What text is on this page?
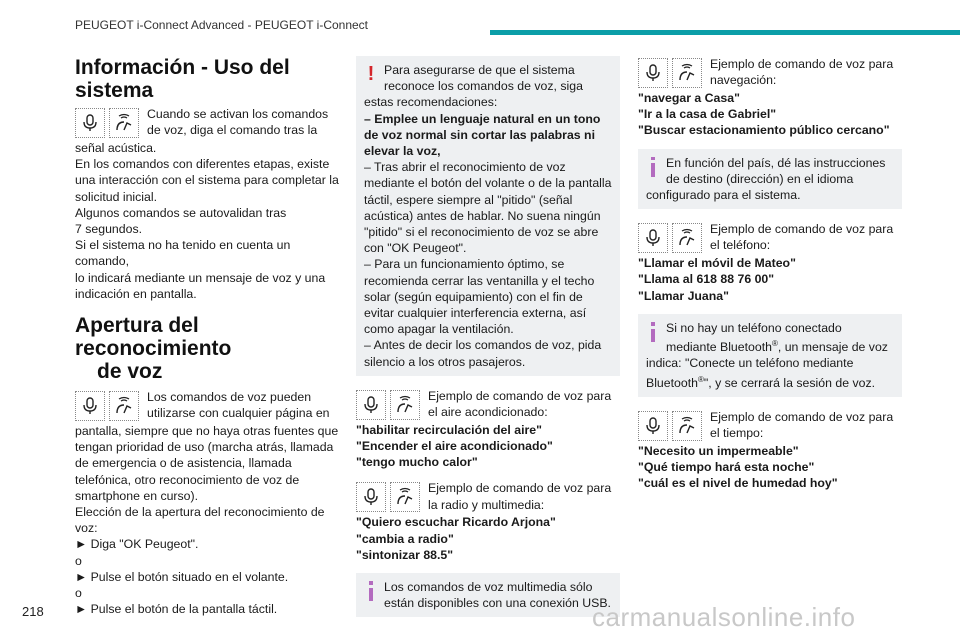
PEUGEOT i-Connect Advanced - PEUGEOT i-Connect
Información - Uso del sistema
Cuando se activan los comandos
de voz, diga el comando tras la
señal acústica.
En los comandos con diferentes etapas, existe
una interacción con el sistema para completar la
solicitud inicial.
Algunos comandos se autovalidan tras
7 segundos.
Si el sistema no ha tenido en cuenta un comando,
lo indicará mediante un mensaje de voz y una
indicación en pantalla.
Apertura del reconocimiento
de voz
Los comandos de voz pueden
utilizarse con cualquier página en
pantalla, siempre que no haya otras fuentes que
tengan prioridad de uso (marcha atrás, llamada
de emergencia o de asistencia, llamada
telefónica, otro reconocimiento de voz de
smartphone en curso).
Elección de la apertura del reconocimiento de
voz:
► Diga "OK Peugeot".
o
► Pulse el botón situado en el volante.
o
► Pulse el botón de la pantalla táctil.
! Para asegurarse de que el sistema reconoce los comandos de voz, siga estas recomendaciones:
– Emplee un lenguaje natural en un tono de voz normal sin cortar las palabras ni elevar la voz,
– Tras abrir el reconocimiento de voz mediante el botón del volante o de la pantalla táctil, espere siempre al "pitido" (señal acústica) antes de hablar. No suena ningún "pitido" si el reconocimiento de voz se abre con "OK Peugeot".
– Para un funcionamiento óptimo, se recomienda cerrar las ventanilla y el techo solar (según equipamiento) con el fin de evitar cualquier interferencia externa, así como apagar la ventilación.
– Antes de decir los comandos de voz, pida silencio a los otros pasajeros.
Ejemplo de comando de voz para el aire acondicionado:
"habilitar recirculación del aire"
"Encender el aire acondicionado"
"tengo mucho calor"
Ejemplo de comando de voz para la radio y multimedia:
"Quiero escuchar Ricardo Arjona"
"cambia a radio"
"sintonizar 88.5"
Los comandos de voz multimedia sólo están disponibles con una conexión USB.
Ejemplo de comando de voz para navegación:
"navegar a Casa"
"Ir a la casa de Gabriel"
"Buscar estacionamiento público cercano"
En función del país, dé las instrucciones de destino (dirección) en el idioma configurado para el sistema.
Ejemplo de comando de voz para el teléfono:
"Llamar el móvil de Mateo"
"Llama al 618 88 76 00"
"Llamar Juana"
Si no hay un teléfono conectado mediante Bluetooth®, un mensaje de voz indica: "Conecte un teléfono mediante Bluetooth®", y se cerrará la sesión de voz.
Ejemplo de comando de voz para el tiempo:
"Necesito un impermeable"
"Qué tiempo hará esta noche"
"cuál es el nivel de humedad hoy"
218	carmanualsonline.info
